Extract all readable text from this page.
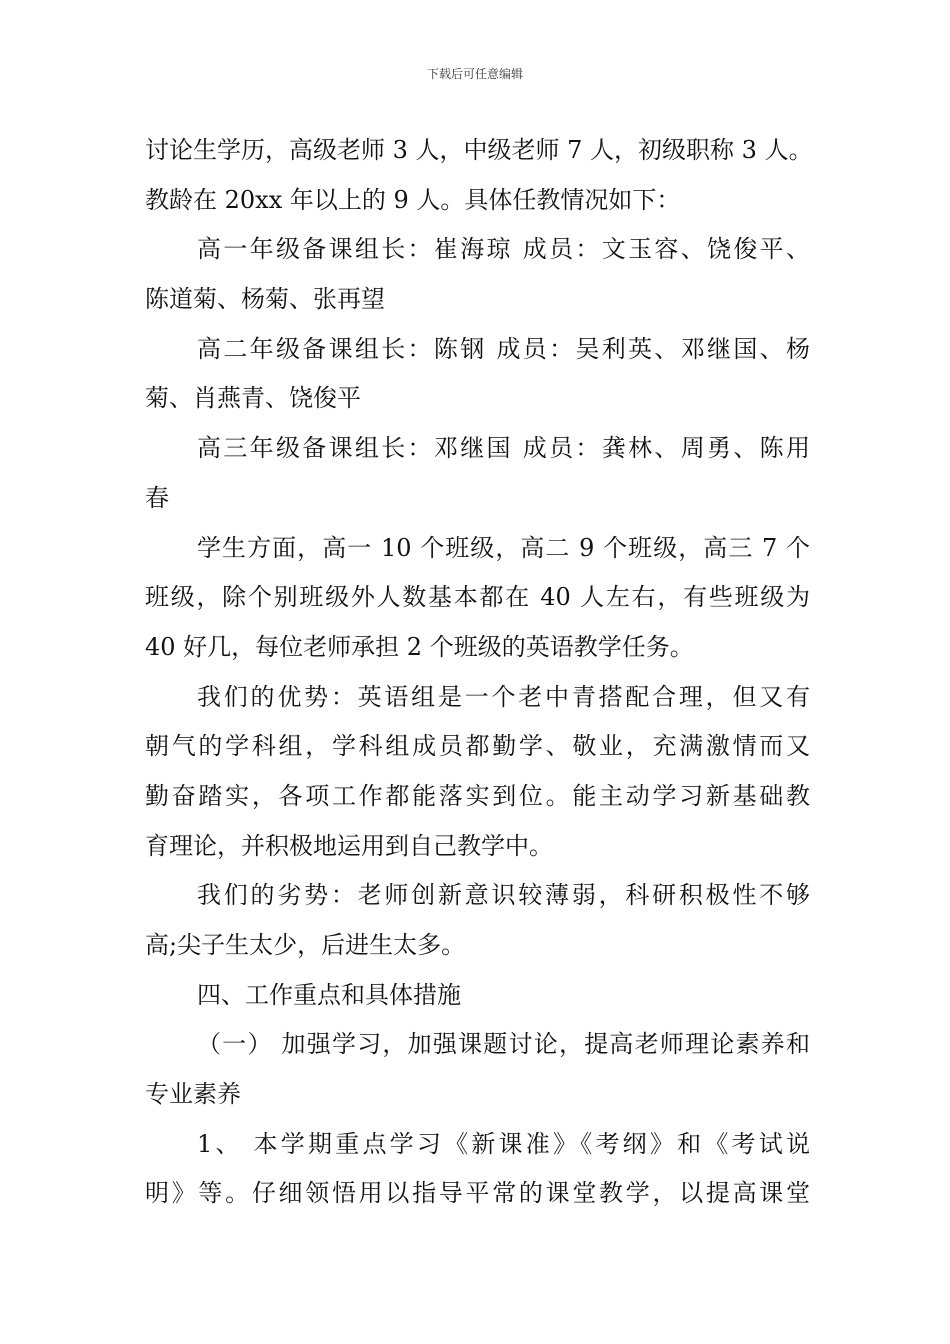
下载后可任意编辑
讨论生学历，高级老师 3 人，中级老师 7 人，初级职称 3 人。
教龄在 20xx 年以上的 9 人。具体任教情况如下：
高一年级备课组长：崔海琼 成员：文玉容、饶俊平、
陈道菊、杨菊、张再望
高二年级备课组长：陈钢 成员：吴利英、邓继国、杨
菊、肖燕青、饶俊平
高三年级备课组长：邓继国 成员：龚林、周勇、陈用
春
学生方面，高一 10 个班级，高二 9 个班级，高三 7 个
班级，除个别班级外人数基本都在 40 人左右，有些班级为
40 好几，每位老师承担 2 个班级的英语教学任务。
我们的优势：英语组是一个老中青搭配合理，但又有
朝气的学科组，学科组成员都勤学、敬业，充满激情而又
勤奋踏实，各项工作都能落实到位。能主动学习新基础教
育理论，并积极地运用到自己教学中。
我们的劣势：老师创新意识较薄弱，科研积极性不够
高;尖子生太少，后进生太多。
四、工作重点和具体措施
（一） 加强学习，加强课题讨论，提高老师理论素养和
专业素养
1、 本学期重点学习《新课准》《考纲》和《考试说
明》等。仔细领悟用以指导平常的课堂教学，以提高课堂
